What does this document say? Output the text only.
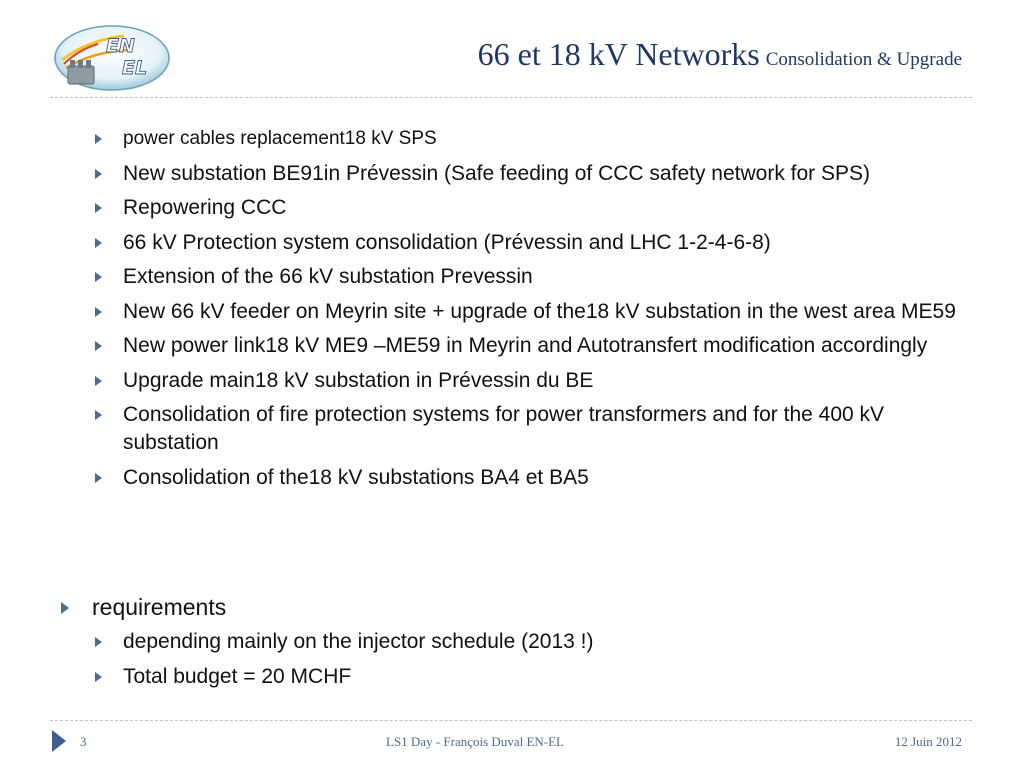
EN
EL	66 et 18 kV Networks Consolidation & Upgrade
power cables replacement18 kV SPS
New substation BE91in Prévessin (Safe feeding of CCC safety network for SPS)
Repowering CCC
66 kV Protection system consolidation (Prévessin and LHC 1-2-4-6-8)
Extension of the 66 kV substation Prevessin
New 66 kV feeder on Meyrin site + upgrade of the18 kV substation in the west area ME59
New power link18 kV ME9 –ME59 in Meyrin and Autotransfert modification accordingly
Upgrade main18 kV substation in Prévessin du BE
Consolidation of fire protection systems for power transformers and for the 400 kV substation
Consolidation of the18 kV substations BA4 et BA5
requirements
depending mainly on the injector schedule (2013 !)
Total budget = 20 MCHF
3	LS1 Day - François Duval EN-EL	12 Juin 2012
